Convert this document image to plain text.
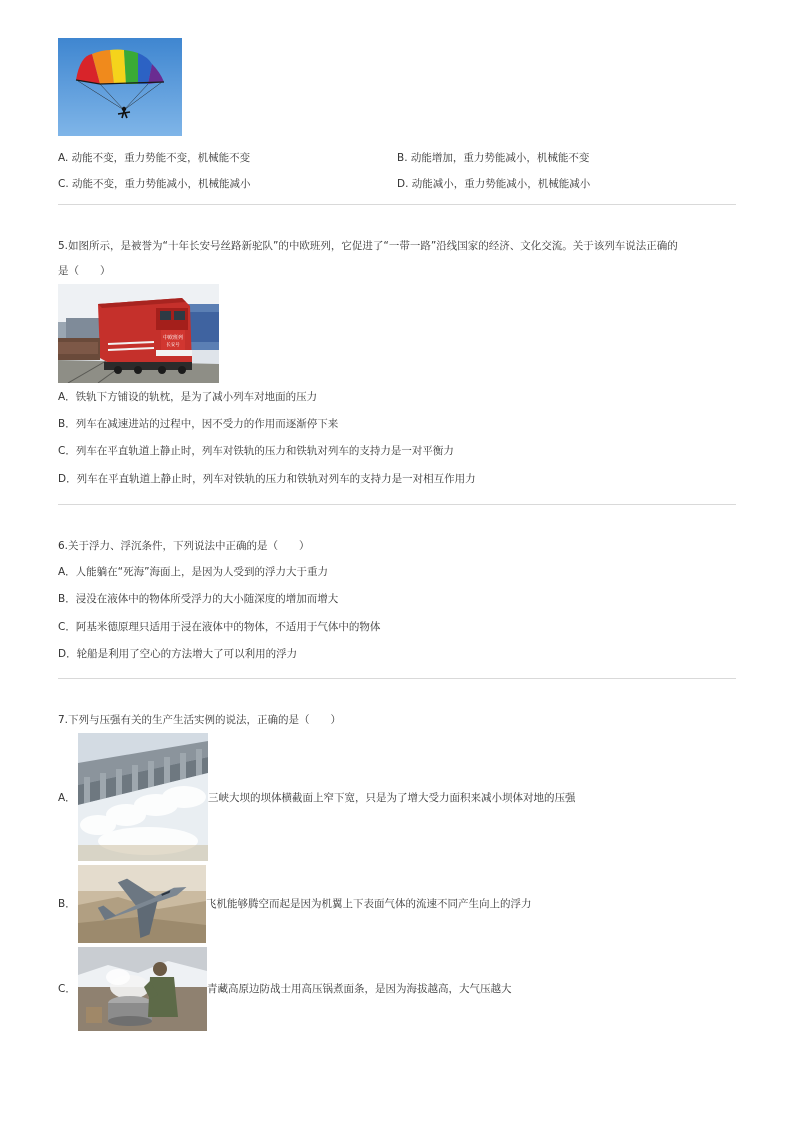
A. 动能不变，重力势能不变，机械能不变	B. 动能增加，重力势能减小，机械能不变
C. 动能不变，重力势能减小，机械能减小	D. 动能减小，重力势能减小，机械能减小
5.如图所示，是被誉为“十年长安号丝路新驼队”的中欧班列，它促进了“一带一路”沿线国家的经济、文化交流。关于该列车说法正确的
是（　　）
中欧班列
长安号
A．铁轨下方铺设的轨枕，是为了减小列车对地面的压力
B．列车在减速进站的过程中，因不受力的作用而逐渐停下来
C．列车在平直轨道上静止时，列车对铁轨的压力和铁轨对列车的支持力是一对平衡力
D．列车在平直轨道上静止时，列车对铁轨的压力和铁轨对列车的支持力是一对相互作用力
6.关于浮力、浮沉条件，下列说法中正确的是（　　）
A．人能躺在“死海”海面上，是因为人受到的浮力大于重力
B．浸没在液体中的物体所受浮力的大小随深度的增加而增大
C．阿基米德原理只适用于浸在液体中的物体，不适用于气体中的物体
D．轮船是利用了空心的方法增大了可以利用的浮力
7.下列与压强有关的生产生活实例的说法，正确的是（　　）
A．	三峡大坝的坝体横截面上窄下宽，只是为了增大受力面积来减小坝体对地的压强
B．	飞机能够腾空而起是因为机翼上下表面气体的流速不同产生向上的浮力
C．	青藏高原边防战士用高压锅煮面条，是因为海拔越高，大气压越大
